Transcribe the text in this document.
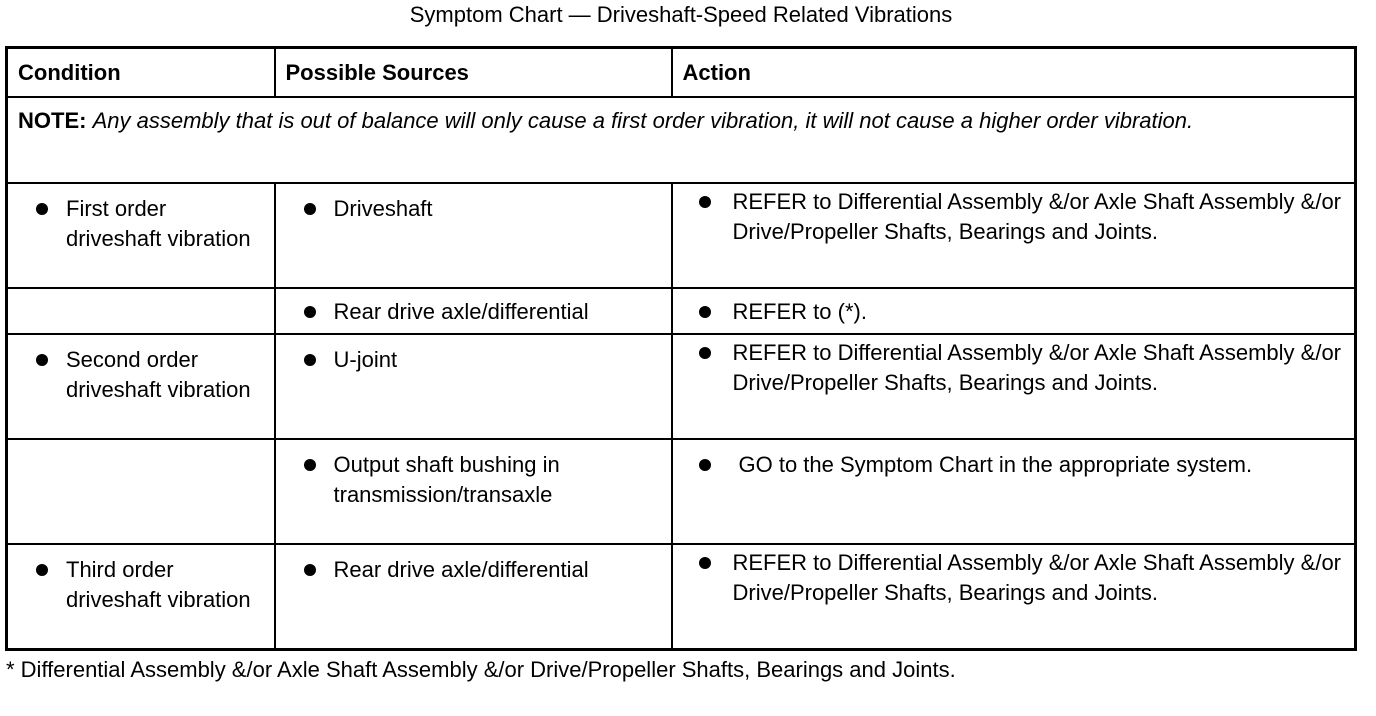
Symptom Chart — Driveshaft-Speed Related Vibrations
Condition	Possible Sources	Action
NOTE: Any assembly that is out of balance will only cause a first order vibration, it will not cause a higher order vibration.		

First order driveshaft vibration	Driveshaft	REFER to Differential Assembly &/or Axle Shaft Assembly &/or Drive/Propeller Shafts, Bearings and Joints.

	Rear drive axle/differential	REFER to (*).

Second order driveshaft vibration	U-joint	REFER to Differential Assembly &/or Axle Shaft Assembly &/or Drive/Propeller Shafts, Bearings and Joints.

	Output shaft bushing in transmission/transaxle	GO to the Symptom Chart in the appropriate system.

Third order driveshaft vibration	Rear drive axle/differential	REFER to Differential Assembly &/or Axle Shaft Assembly &/or Drive/Propeller Shafts, Bearings and Joints.
* Differential Assembly &/or Axle Shaft Assembly &/or Drive/Propeller Shafts, Bearings and Joints.
